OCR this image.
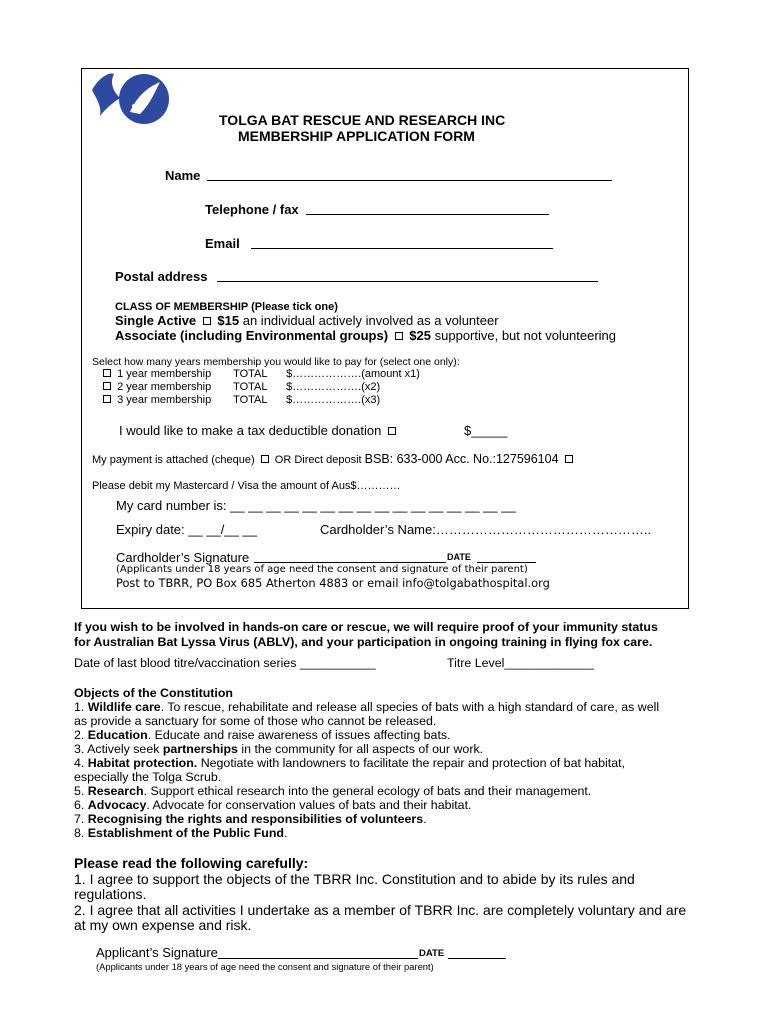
TOLGA BAT RESCUE AND RESEARCH INC
MEMBERSHIP APPLICATION FORM
Name
Telephone / fax
Email
Postal address
CLASS OF MEMBERSHIP (Please tick one)
Single Active $15 an individual actively involved as a volunteer
Associate (including Environmental groups) $25 supportive, but not volunteering
Select how many years membership you would like to pay for (select one only):
1 year membership TOTAL $……………….(amount x1)
2 year membership TOTAL $……………….(x2)
3 year membership TOTAL $……………….(x3)
I would like to make a tax deductible donation	$_____
My payment is attached (cheque) OR Direct deposit BSB: 633-000 Acc. No.:127596104
Please debit my Mastercard / Visa the amount of Aus$…………
My card number is: __ __ __ __ __ __ __ __ __ __ __ __ __ __ __ __
Expiry date: __ __/__ __	Cardholder’s Name:…………………………………………..
Cardholder’s Signature	DATE
(Applicants under 18 years of age need the consent and signature of their parent)
Post to TBRR, PO Box 685 Atherton 4883 or email info@tolgabathospital.org
If you wish to be involved in hands-on care or rescue, we will require proof of your immunity status
for Australian Bat Lyssa Virus (ABLV), and your participation in ongoing training in flying fox care.
Date of last blood titre/vaccination series ___________	Titre Level_____________
Objects of the Constitution
1. Wildlife care. To rescue, rehabilitate and release all species of bats with a high standard of care, as well
as provide a sanctuary for some of those who cannot be released.
2. Education. Educate and raise awareness of issues affecting bats.
3. Actively seek partnerships in the community for all aspects of our work.
4. Habitat protection. Negotiate with landowners to facilitate the repair and protection of bat habitat,
especially the Tolga Scrub.
5. Research. Support ethical research into the general ecology of bats and their management.
6. Advocacy. Advocate for conservation values of bats and their habitat.
7. Recognising the rights and responsibilities of volunteers.
8. Establishment of the Public Fund.
Please read the following carefully:
1. I agree to support the objects of the TBRR Inc. Constitution and to abide by its rules and
regulations.
2. I agree that all activities I undertake as a member of TBRR Inc. are completely voluntary and are
at my own expense and risk.
Applicant’s Signature	DATE
(Applicants under 18 years of age need the consent and signature of their parent)
